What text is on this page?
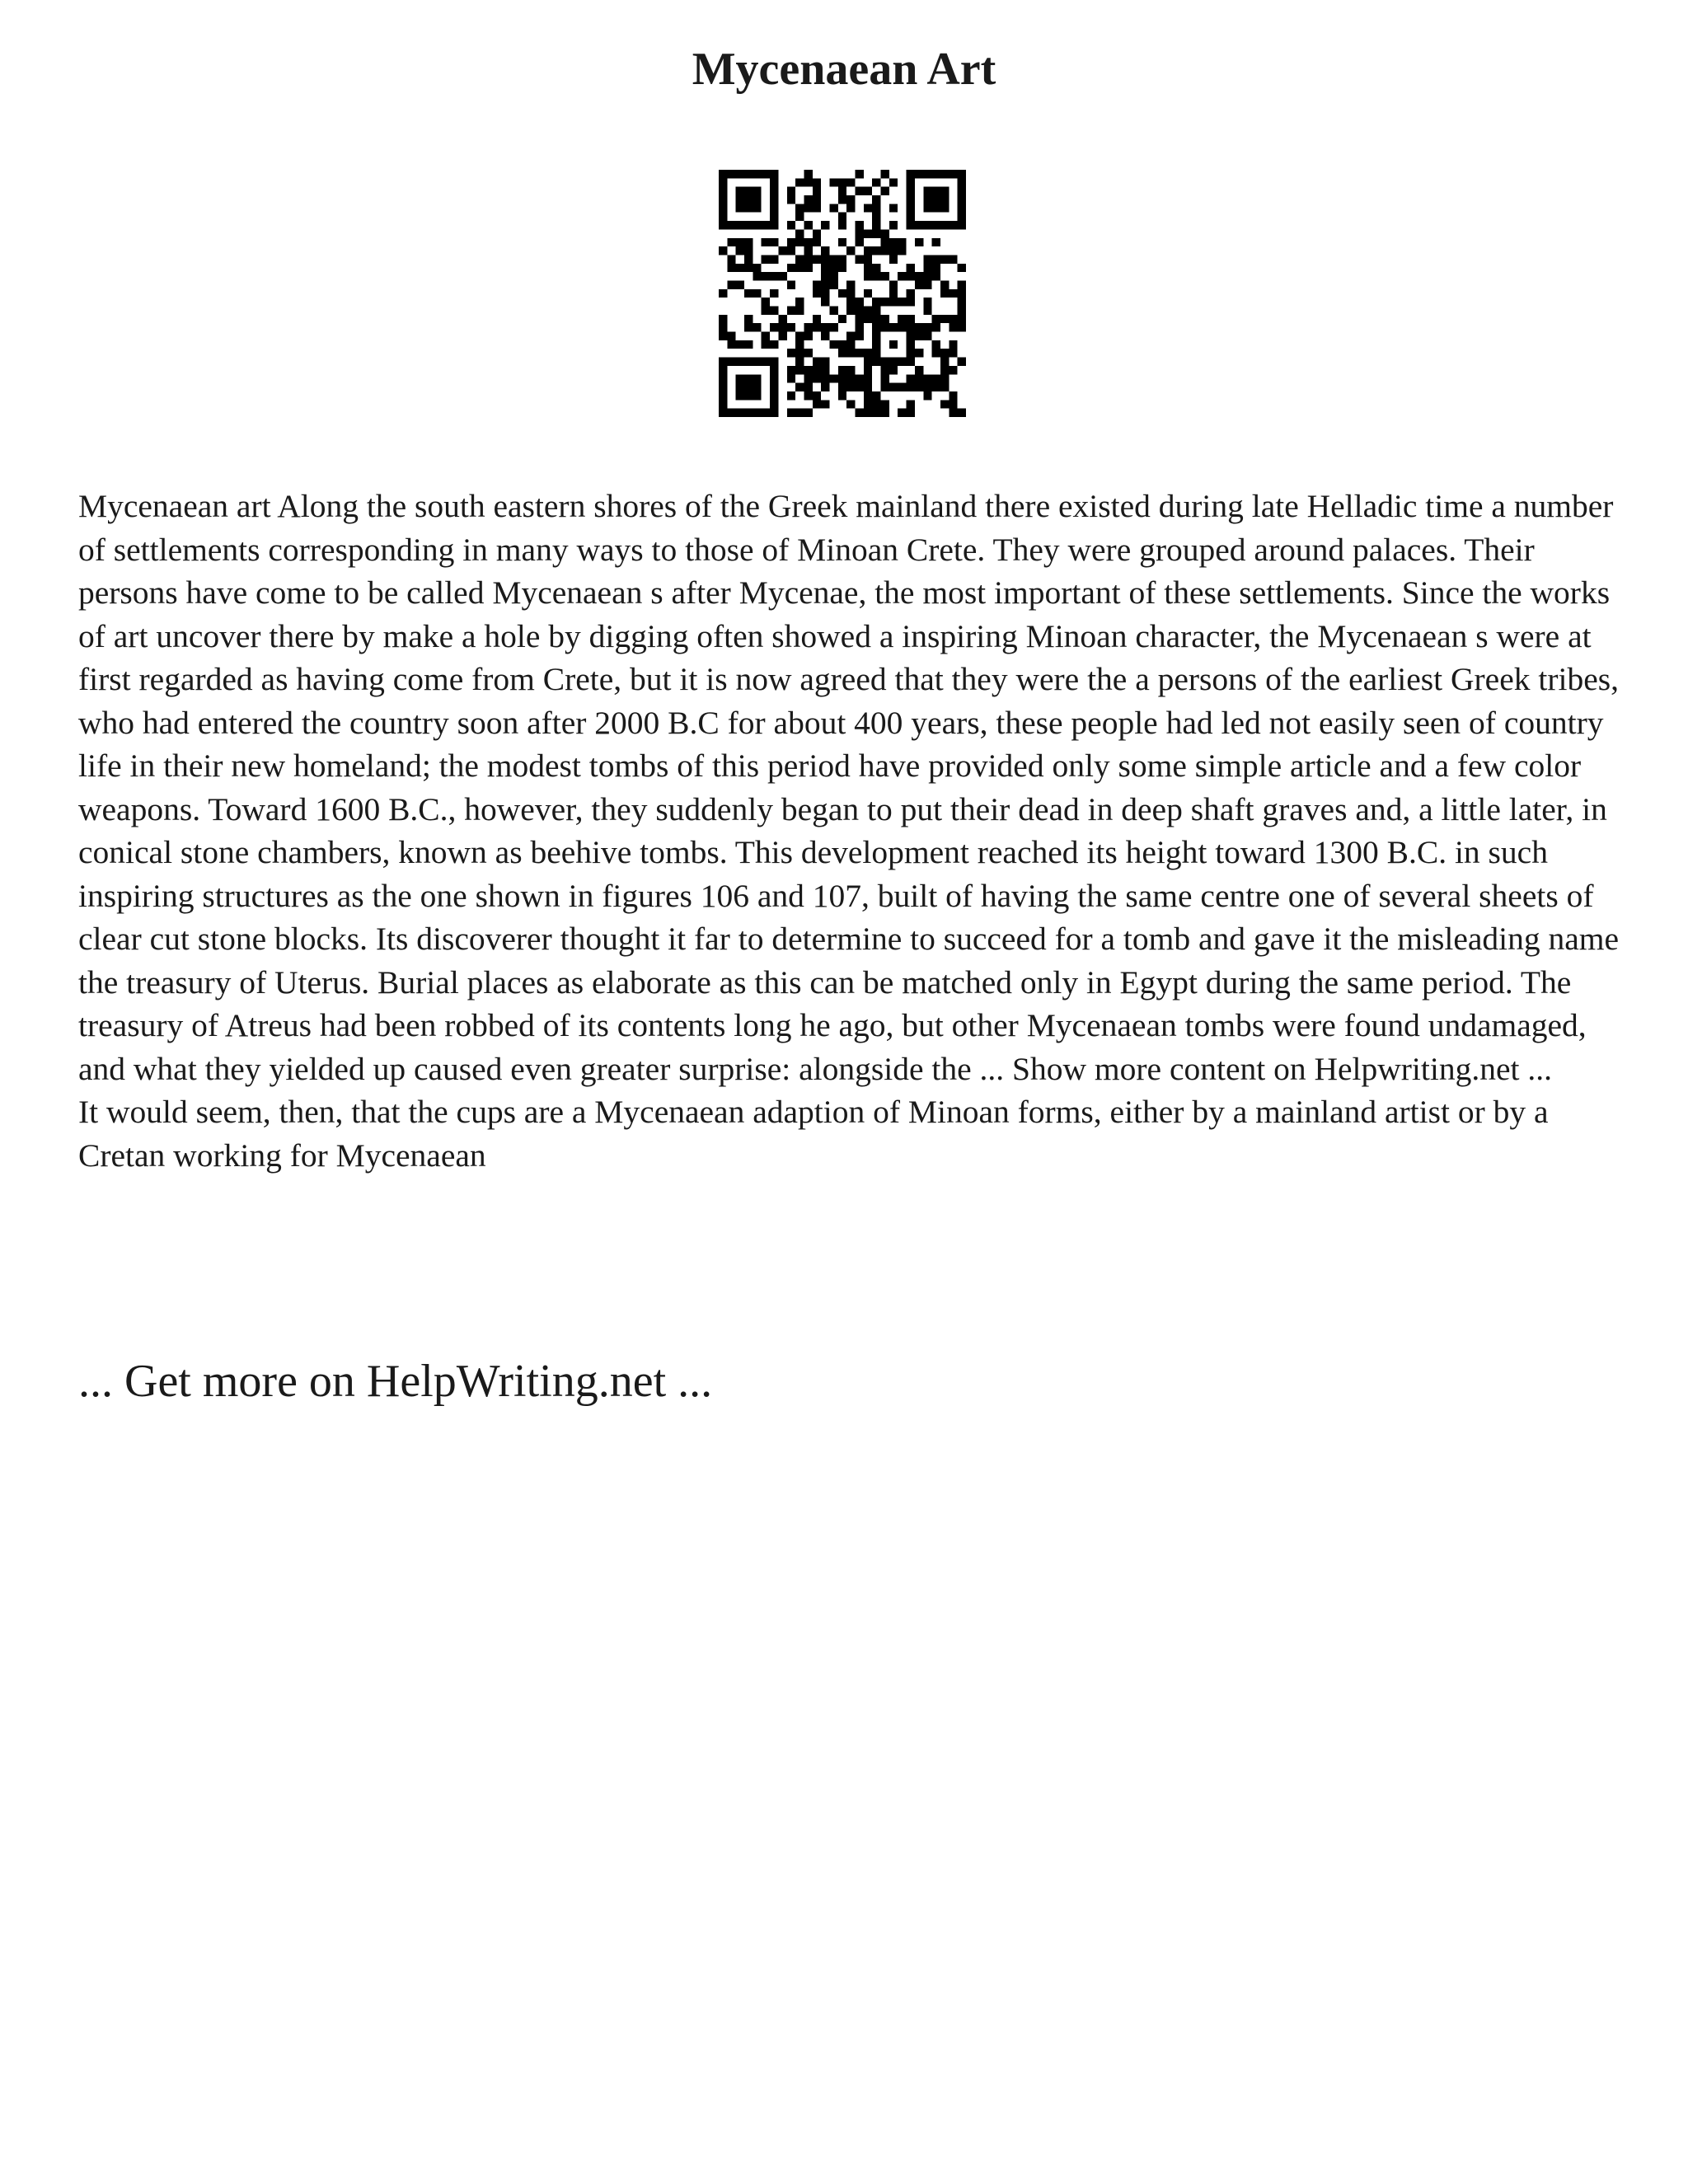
Mycenaean Art

Mycenaean art Along the south eastern shores of the Greek mainland there existed during late Helladic time a number of settlements corresponding in many ways to those of Minoan Crete. They were grouped around palaces. Their persons have come to be called Mycenaean s after Mycenae, the most important of these settlements. Since the works of art uncover there by make a hole by digging often showed a inspiring Minoan character, the Mycenaean s were at first regarded as having come from Crete, but it is now agreed that they were the a persons of the earliest Greek tribes, who had entered the country soon after 2000 B.C for about 400 years, these people had led not easily seen of country life in their new homeland; the modest tombs of this period have provided only some simple article and a few color weapons. Toward 1600 B.C., however, they suddenly began to put their dead in deep shaft graves and, a little later, in conical stone chambers, known as beehive tombs. This development reached its height toward 1300 B.C. in such inspiring structures as the one shown in figures 106 and 107, built of having the same centre one of several sheets of clear cut stone blocks. Its discoverer thought it far to determine to succeed for a tomb and gave it the misleading name the treasury of Uterus. Burial places as elaborate as this can be matched only in Egypt during the same period. The treasury of Atreus had been robbed of its contents long he ago, but other Mycenaean tombs were found undamaged, and what they yielded up caused even greater surprise: alongside the ... Show more content on Helpwriting.net ...

It would seem, then, that the cups are a Mycenaean adaption of Minoan forms, either by a mainland artist or by a Cretan working for Mycenaean

... Get more on HelpWriting.net ...
